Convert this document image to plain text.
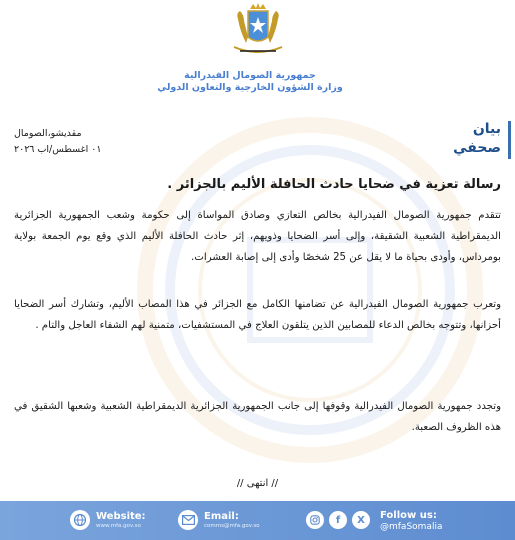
جمهورية الصومال الفيدرالية
وزارة الشؤون الخارجية والتعاون الدولي
بيان
صحفي
مقديشو،الصومال
٠١ اغسطس/اب ٢٠٢٦
رسالة تعزية في ضحايا حادث الحافلة الأليم بالجزائر .
تتقدم جمهورية الصومال الفيدرالية بخالص التعازي وصادق المواساة إلى حكومة وشعب الجمهورية الجزائرية الديمقراطية الشعبية الشقيقة، وإلى أسر الضحايا وذويهم، إثر حادث الحافلة الأليم الذي وقع يوم الجمعة بولاية بومرداس، وأودى بحياة ما لا يقل عن 25 شخصًا وأدى إلى إصابة العشرات.
وتعرب جمهورية الصومال الفيدرالية عن تضامنها الكامل مع الجزائر في هذا المصاب الأليم، وتشارك أسر الضحايا أحزانها، وتتوجه بخالص الدعاء للمصابين الذين يتلقون العلاج في المستشفيات، متمنية لهم الشفاء العاجل والتام .
وتجدد جمهورية الصومال الفيدرالية وقوفها إلى جانب الجمهورية الجزائرية الديمقراطية الشعبية وشعبها الشقيق في هذه الظروف الصعبة.
// انتهى //
Website:
www.mfa.gov.so
Email:
comms@mfa.gov.so
f	X	Follow us:
@mfaSomalia
